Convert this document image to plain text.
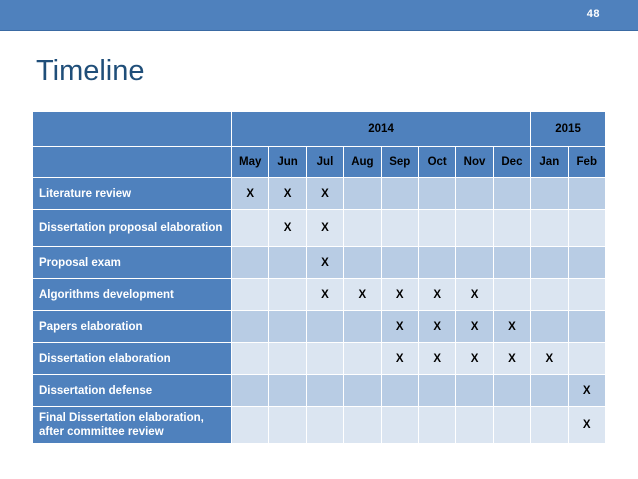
48
Timeline
	2014								2015	
	May	Jun	Jul	Aug	Sep	Oct	Nov	Dec	Jan	Feb
Literature review	X	X	X							
Dissertation proposal elaboration		X	X							
Proposal exam			X							
Algorithms development			X	X	X	X	X			
Papers elaboration					X	X	X	X		
Dissertation elaboration					X	X	X	X	X	
Dissertation defense										X
Final Dissertation elaboration, after committee review										X
